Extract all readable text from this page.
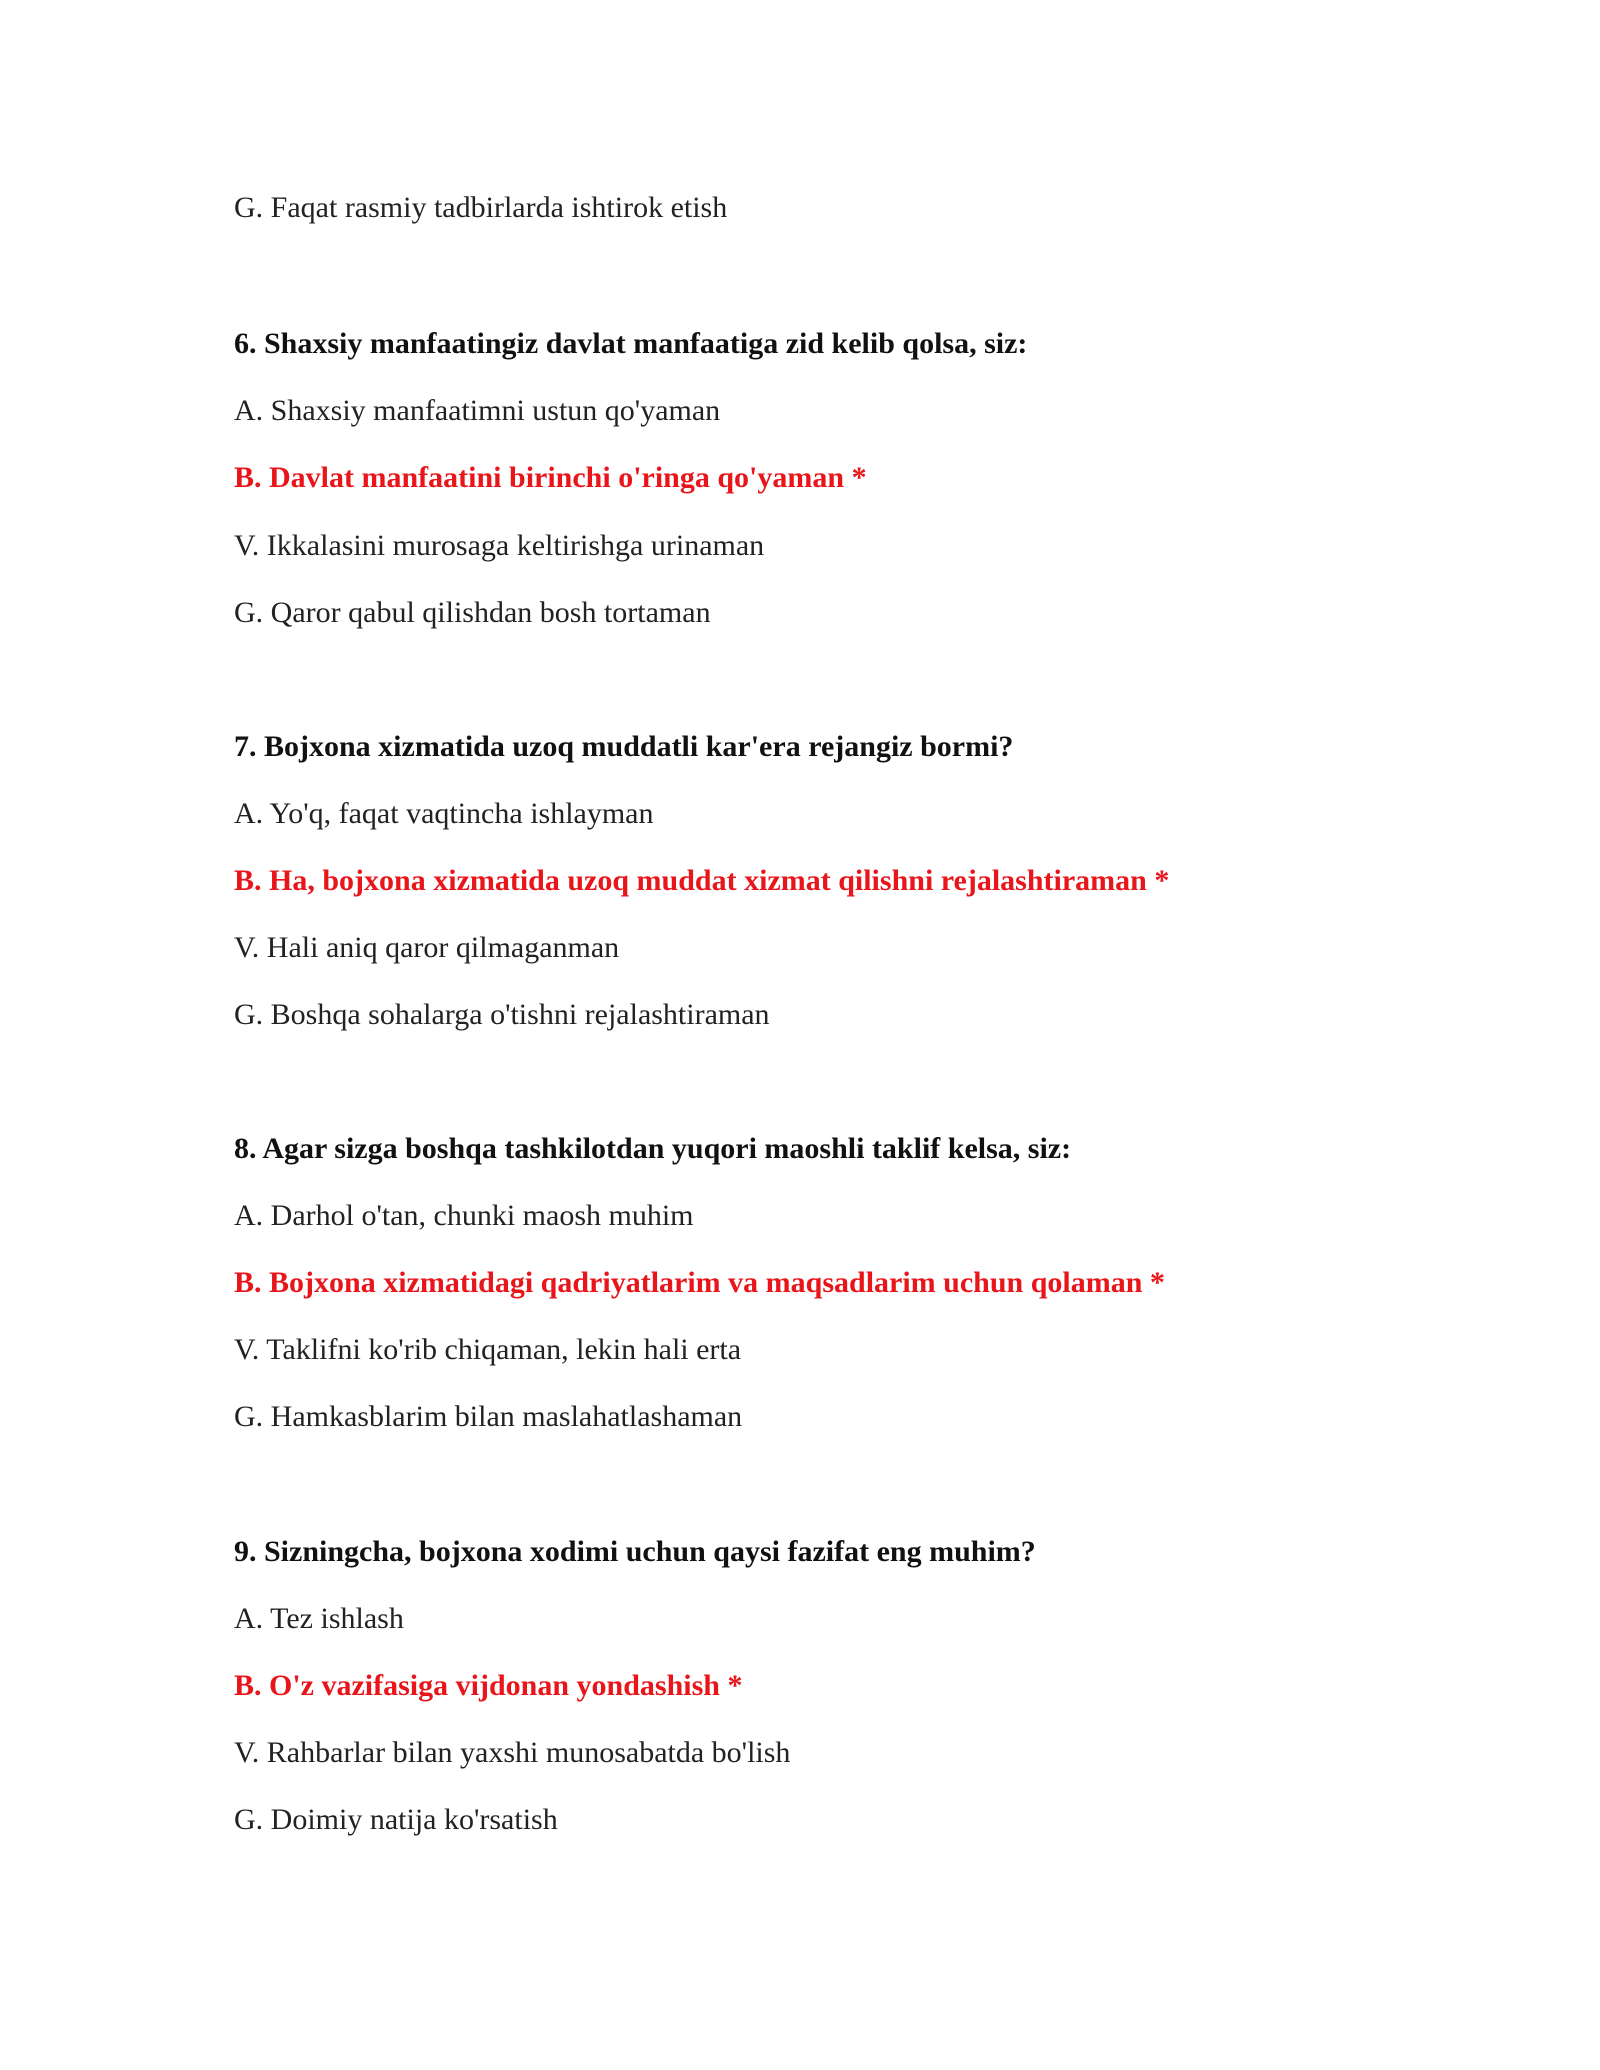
G. Faqat rasmiy tadbirlarda ishtirok etish
6. Shaxsiy manfaatingiz davlat manfaatiga zid kelib qolsa, siz:
A. Shaxsiy manfaatimni ustun qo'yaman
B. Davlat manfaatini birinchi o'ringa qo'yaman *
V. Ikkalasini murosaga keltirishga urinaman
G. Qaror qabul qilishdan bosh tortaman
7. Bojxona xizmatida uzoq muddatli kar'era rejangiz bormi?
A. Yo'q, faqat vaqtincha ishlayman
B. Ha, bojxona xizmatida uzoq muddat xizmat qilishni rejalashtiraman *
V. Hali aniq qaror qilmaganman
G. Boshqa sohalarga o'tishni rejalashtiraman
8. Agar sizga boshqa tashkilotdan yuqori maoshli taklif kelsa, siz:
A. Darhol o'tan, chunki maosh muhim
B. Bojxona xizmatidagi qadriyatlarim va maqsadlarim uchun qolaman *
V. Taklifni ko'rib chiqaman, lekin hali erta
G. Hamkasblarim bilan maslahatlashaman
9. Sizningcha, bojxona xodimi uchun qaysi fazifat eng muhim?
A. Tez ishlash
B. O'z vazifasiga vijdonan yondashish *
V. Rahbarlar bilan yaxshi munosabatda bo'lish
G. Doimiy natija ko'rsatish
